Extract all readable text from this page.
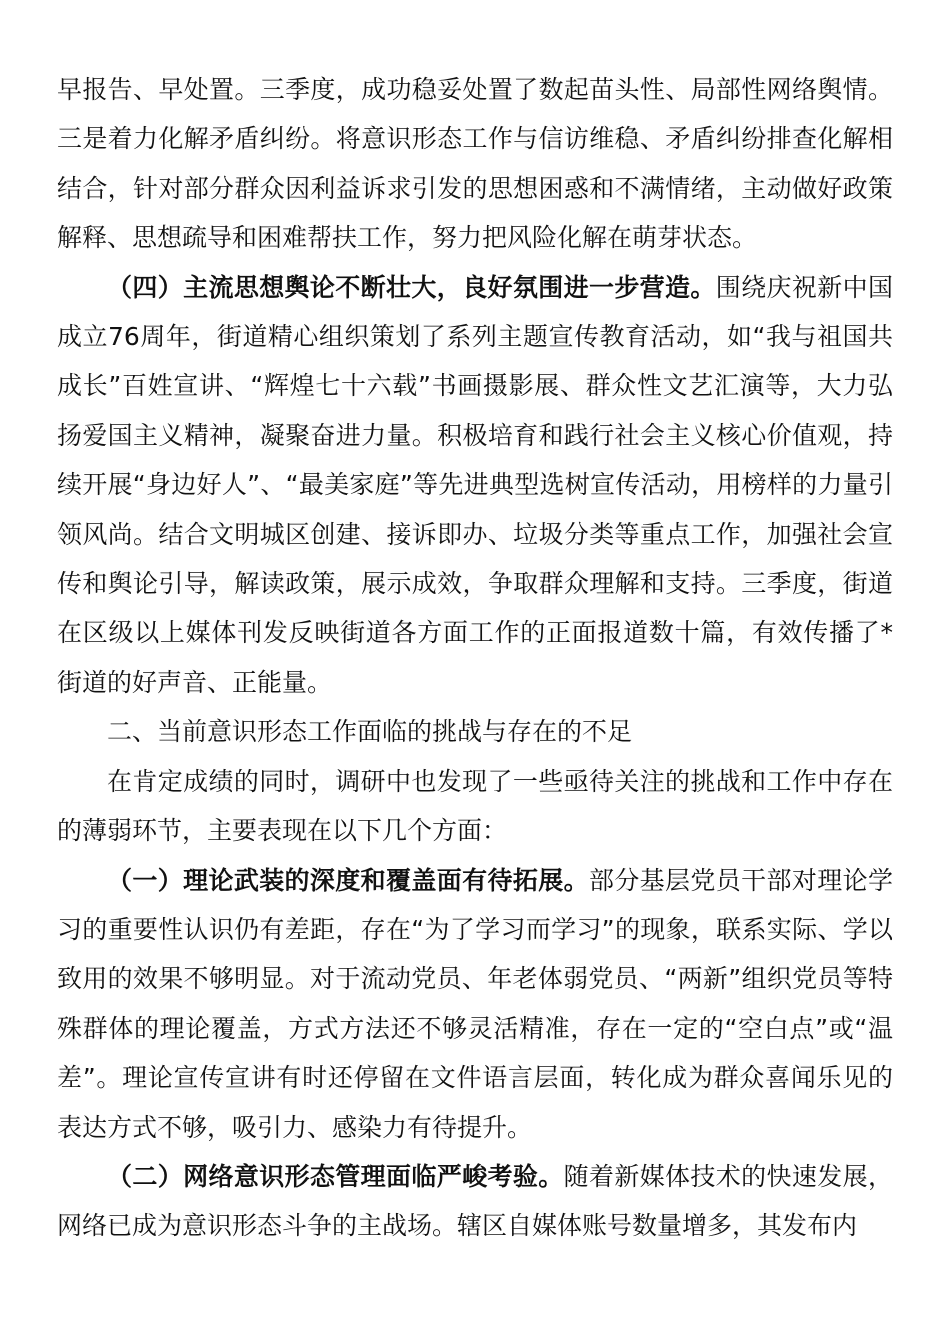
早报告、早处置。三季度，成功稳妥处置了数起苗头性、局部性网络舆情。三是着力化解矛盾纠纷。将意识形态工作与信访维稳、矛盾纠纷排查化解相结合，针对部分群众因利益诉求引发的思想困惑和不满情绪，主动做好政策解释、思想疏导和困难帮扶工作，努力把风险化解在萌芽状态。

（四）主流思想舆论不断壮大，良好氛围进一步营造。围绕庆祝新中国成立76周年，街道精心组织策划了系列主题宣传教育活动，如“我与祖国共成长”百姓宣讲、“辉煌七十六载”书画摄影展、群众性文艺汇演等，大力弘扬爱国主义精神，凝聚奋进力量。积极培育和践行社会主义核心价值观，持续开展“身边好人”、“最美家庭”等先进典型选树宣传活动，用榜样的力量引领风尚。结合文明城区创建、接诉即办、垃圾分类等重点工作，加强社会宣传和舆论引导，解读政策，展示成效，争取群众理解和支持。三季度，街道在区级以上媒体刊发反映街道各方面工作的正面报道数十篇，有效传播了*街道的好声音、正能量。

二、当前意识形态工作面临的挑战与存在的不足

在肯定成绩的同时，调研中也发现了一些亟待关注的挑战和工作中存在的薄弱环节，主要表现在以下几个方面：

（一）理论武装的深度和覆盖面有待拓展。部分基层党员干部对理论学习的重要性认识仍有差距，存在“为了学习而学习”的现象，联系实际、学以致用的效果不够明显。对于流动党员、年老体弱党员、“两新”组织党员等特殊群体的理论覆盖，方式方法还不够灵活精准，存在一定的“空白点”或“温差”。理论宣传宣讲有时还停留在文件语言层面，转化成为群众喜闻乐见的表达方式不够，吸引力、感染力有待提升。

（二）网络意识形态管理面临严峻考验。随着新媒体技术的快速发展，网络已成为意识形态斗争的主战场。辖区自媒体账号数量增多，其发布内
